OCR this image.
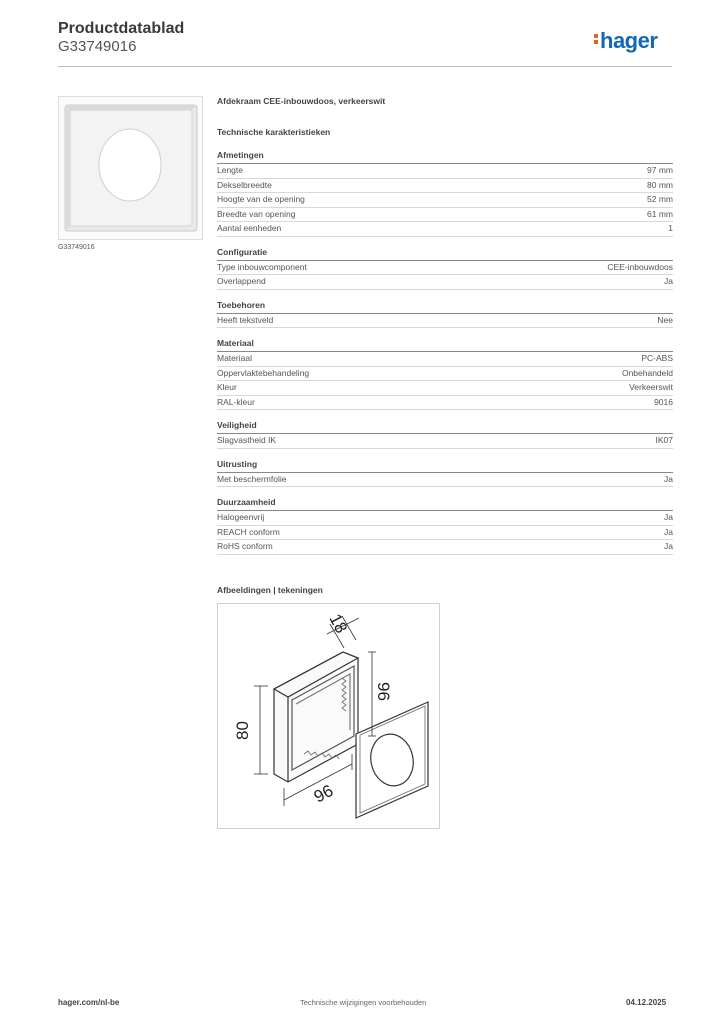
Productdatablad
G33749016	hager
G33749016
Afdekraam CEE-inbouwdoos, verkeerswit
Technische karakteristieken
Afmetingen
Lengte	97 mm
Dekselbreedte	80 mm
Hoogte van de opening	52 mm
Breedte van opening	61 mm
Aantal eenheden	1
Configuratie
Type inbouwcomponent	CEE-inbouwdoos
Overlappend	Ja
Toebehoren
Heeft tekstveld	Nee
Materiaal
Materiaal	PC-ABS
Oppervlaktebehandeling	Onbehandeld
Kleur	Verkeerswit
RAL-kleur	9016
Veiligheid
Slagvastheid IK	IK07
Uitrusting
Met beschermfolie	Ja
Duurzaamheid
Halogeenvrij	Ja
REACH conform	Ja
RoHS conform	Ja
Afbeeldingen | tekeningen
18
96
80
96
hager.com/nl-be	Technische wijzigingen voorbehouden	04.12.2025
